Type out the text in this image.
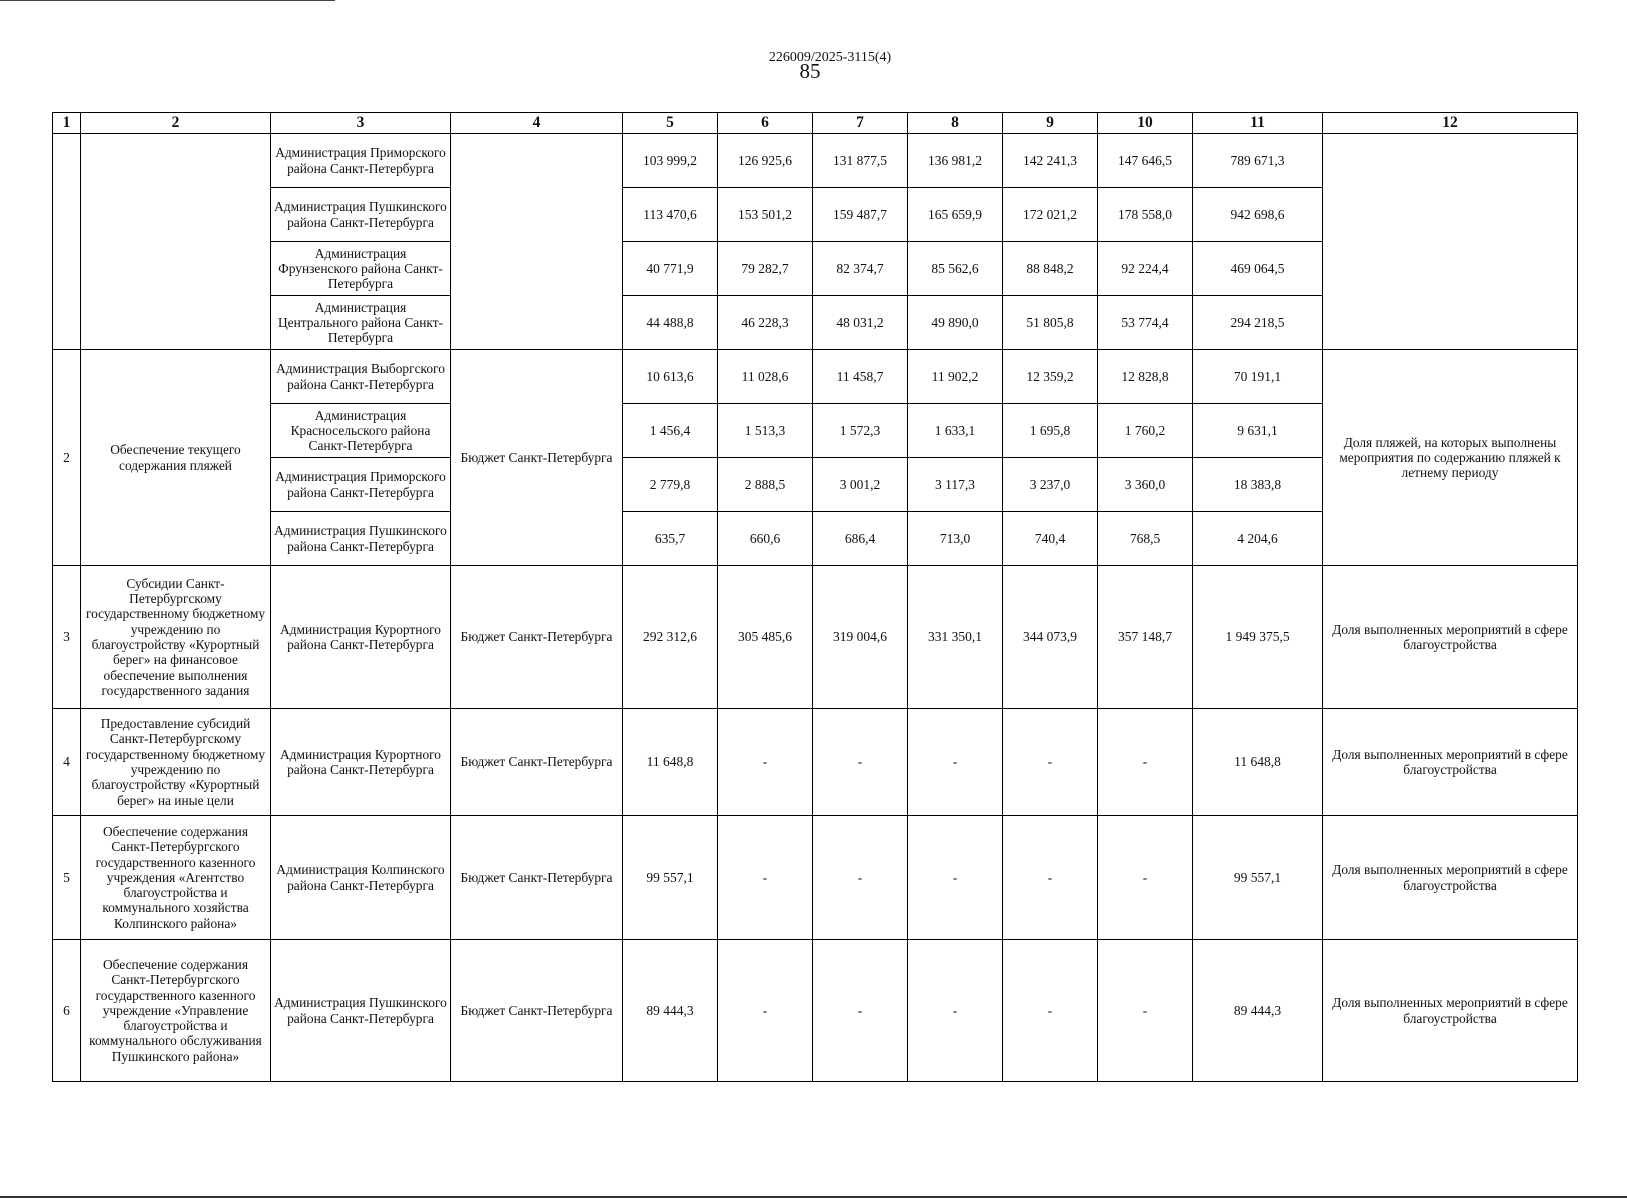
226009/2025-3115(4)
85
1	2	3	4	5	6	7	8	9	10	11	12
		Администрация Приморского района Санкт-Петербурга		103 999,2	126 925,6	131 877,5	136 981,2	142 241,3	147 646,5	789 671,3	
		Администрация Пушкинского района Санкт-Петербурга		113 470,6	153 501,2	159 487,7	165 659,9	172 021,2	178 558,0	942 698,6	
		Администрация Фрунзенского района Санкт-Петербурга		40 771,9	79 282,7	82 374,7	85 562,6	88 848,2	92 224,4	469 064,5	
		Администрация Центрального района Санкт-Петербурга		44 488,8	46 228,3	48 031,2	49 890,0	51 805,8	53 774,4	294 218,5	
2	Обеспечение текущего содержания пляжей	Администрация Выборгского района Санкт-Петербурга	Бюджет Санкт-Петербурга	10 613,6	11 028,6	11 458,7	11 902,2	12 359,2	12 828,8	70 191,1	Доля пляжей, на которых выполнены мероприятия по содержанию пляжей к летнему периоду
		Администрация Красносельского района Санкт-Петербурга		1 456,4	1 513,3	1 572,3	1 633,1	1 695,8	1 760,2	9 631,1	
		Администрация Приморского района Санкт-Петербурга		2 779,8	2 888,5	3 001,2	3 117,3	3 237,0	3 360,0	18 383,8	
		Администрация Пушкинского района Санкт-Петербурга		635,7	660,6	686,4	713,0	740,4	768,5	4 204,6	
3	Субсидии Санкт-Петербургскому государственному бюджетному учреждению по благоустройству «Курортный берег» на финансовое обеспечение выполнения государственного задания	Администрация Курортного района Санкт-Петербурга	Бюджет Санкт-Петербурга	292 312,6	305 485,6	319 004,6	331 350,1	344 073,9	357 148,7	1 949 375,5	Доля выполненных мероприятий в сфере благоустройства
4	Предоставление субсидий Санкт-Петербургскому государственному бюджетному учреждению по благоустройству «Курортный берег» на иные цели	Администрация Курортного района Санкт-Петербурга	Бюджет Санкт-Петербурга	11 648,8	-	-	-	-	-	11 648,8	Доля выполненных мероприятий в сфере благоустройства
5	Обеспечение содержания Санкт-Петербургского государственного казенного учреждения «Агентство благоустройства и коммунального хозяйства Колпинского района»	Администрация Колпинского района Санкт-Петербурга	Бюджет Санкт-Петербурга	99 557,1	-	-	-	-	-	99 557,1	Доля выполненных мероприятий в сфере благоустройства
6	Обеспечение содержания Санкт-Петербургского государственного казенного учреждение «Управление благоустройства и коммунального обслуживания Пушкинского района»	Администрация Пушкинского района Санкт-Петербурга	Бюджет Санкт-Петербурга	89 444,3	-	-	-	-	-	89 444,3	Доля выполненных мероприятий в сфере благоустройства
